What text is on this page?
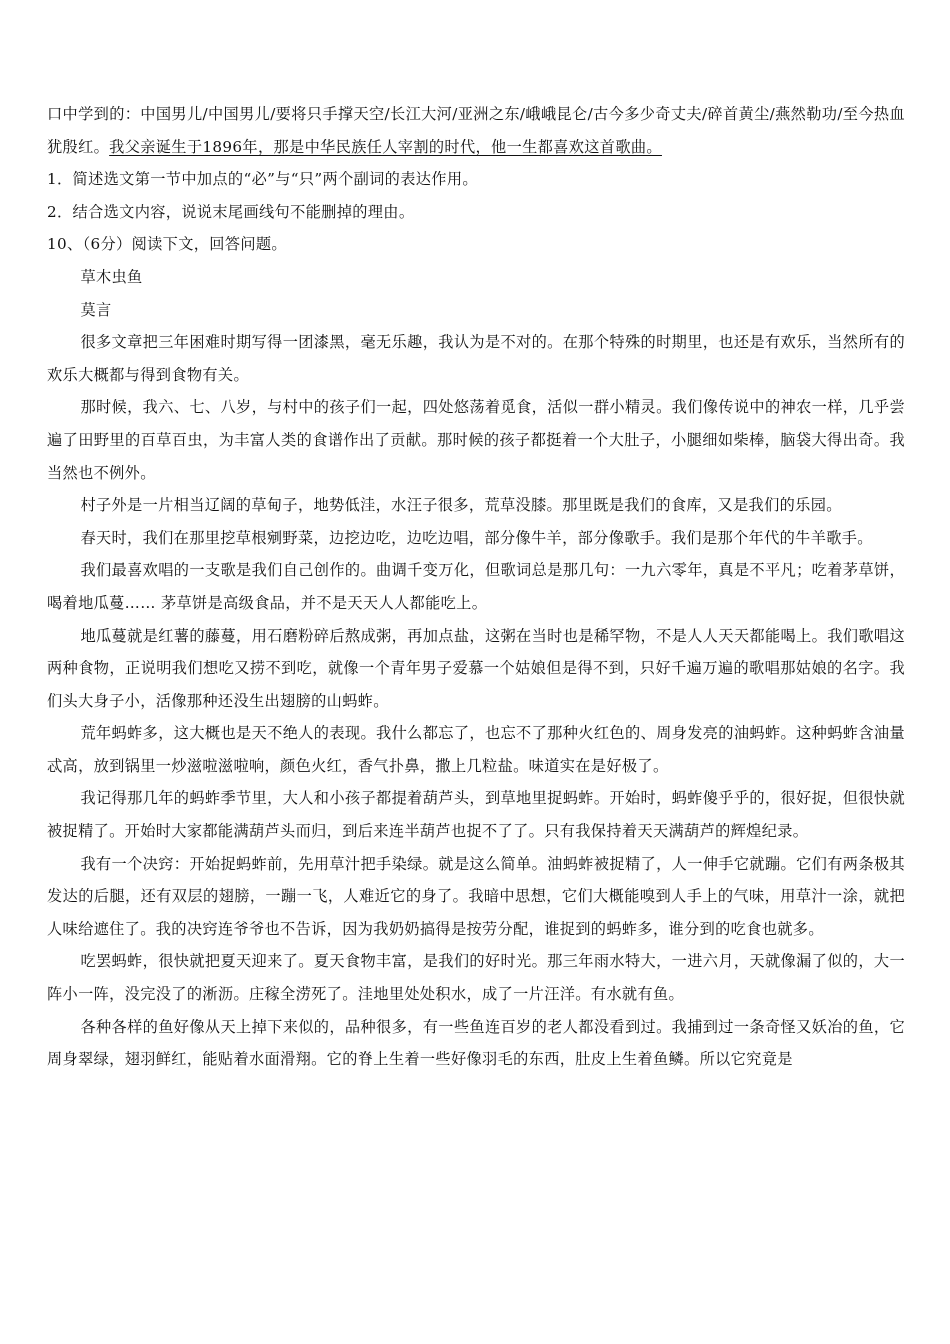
口中学到的：中国男儿/中国男儿/要将只手撑天空/长江大河/亚洲之东/峨峨昆仑/古今多少奇丈夫/碎首黄尘/燕然勒功/至今热血犹殷红。我父亲诞生于1896年，那是中华民族任人宰割的时代，他一生都喜欢这首歌曲。

1．简述选文第一节中加点的“必”与“只”两个副词的表达作用。

2．结合选文内容，说说末尾画线句不能删掉的理由。

10、（6分）阅读下文，回答问题。

草木虫鱼

莫言

很多文章把三年困难时期写得一团漆黑，毫无乐趣，我认为是不对的。在那个特殊的时期里，也还是有欢乐，当然所有的欢乐大概都与得到食物有关。

那时候，我六、七、八岁，与村中的孩子们一起，四处悠荡着觅食，活似一群小精灵。我们像传说中的神农一样，几乎尝遍了田野里的百草百虫，为丰富人类的食谱作出了贡献。那时候的孩子都挺着一个大肚子，小腿细如柴棒，脑袋大得出奇。我当然也不例外。

村子外是一片相当辽阔的草甸子，地势低洼，水汪子很多，荒草没膝。那里既是我们的食库，又是我们的乐园。

春天时，我们在那里挖草根剜野菜，边挖边吃，边吃边唱，部分像牛羊，部分像歌手。我们是那个年代的牛羊歌手。

我们最喜欢唱的一支歌是我们自己创作的。曲调千变万化，但歌词总是那几句：一九六零年，真是不平凡；吃着茅草饼，喝着地瓜蔓…… 茅草饼是高级食品，并不是天天人人都能吃上。

地瓜蔓就是红薯的藤蔓，用石磨粉碎后熬成粥，再加点盐，这粥在当时也是稀罕物，不是人人天天都能喝上。我们歌唱这两种食物，正说明我们想吃又捞不到吃，就像一个青年男子爱慕一个姑娘但是得不到，只好千遍万遍的歌唱那姑娘的名字。我们头大身子小，活像那种还没生出翅膀的山蚂蚱。

荒年蚂蚱多，这大概也是天不绝人的表现。我什么都忘了，也忘不了那种火红色的、周身发亮的油蚂蚱。这种蚂蚱含油量忒高，放到锅里一炒滋啦滋啦响，颜色火红，香气扑鼻，撒上几粒盐。味道实在是好极了。

我记得那几年的蚂蚱季节里，大人和小孩子都提着葫芦头，到草地里捉蚂蚱。开始时，蚂蚱傻乎乎的，很好捉，但很快就被捉精了。开始时大家都能满葫芦头而归，到后来连半葫芦也捉不了了。只有我保持着天天满葫芦的辉煌纪录。

我有一个决窍：开始捉蚂蚱前，先用草汁把手染绿。就是这么简单。油蚂蚱被捉精了，人一伸手它就蹦。它们有两条极其发达的后腿，还有双层的翅膀，一蹦一飞，人难近它的身了。我暗中思想，它们大概能嗅到人手上的气味，用草汁一涂，就把人味给遮住了。我的决窍连爷爷也不告诉，因为我奶奶搞得是按劳分配，谁捉到的蚂蚱多，谁分到的吃食也就多。

吃罢蚂蚱，很快就把夏天迎来了。夏天食物丰富，是我们的好时光。那三年雨水特大，一进六月，天就像漏了似的，大一阵小一阵，没完没了的淅沥。庄稼全涝死了。洼地里处处积水，成了一片汪洋。有水就有鱼。

各种各样的鱼好像从天上掉下来似的，品种很多，有一些鱼连百岁的老人都没看到过。我捕到过一条奇怪又妖冶的鱼，它周身翠绿，翅羽鲜红，能贴着水面滑翔。它的脊上生着一些好像羽毛的东西，肚皮上生着鱼鳞。所以它究竟是
